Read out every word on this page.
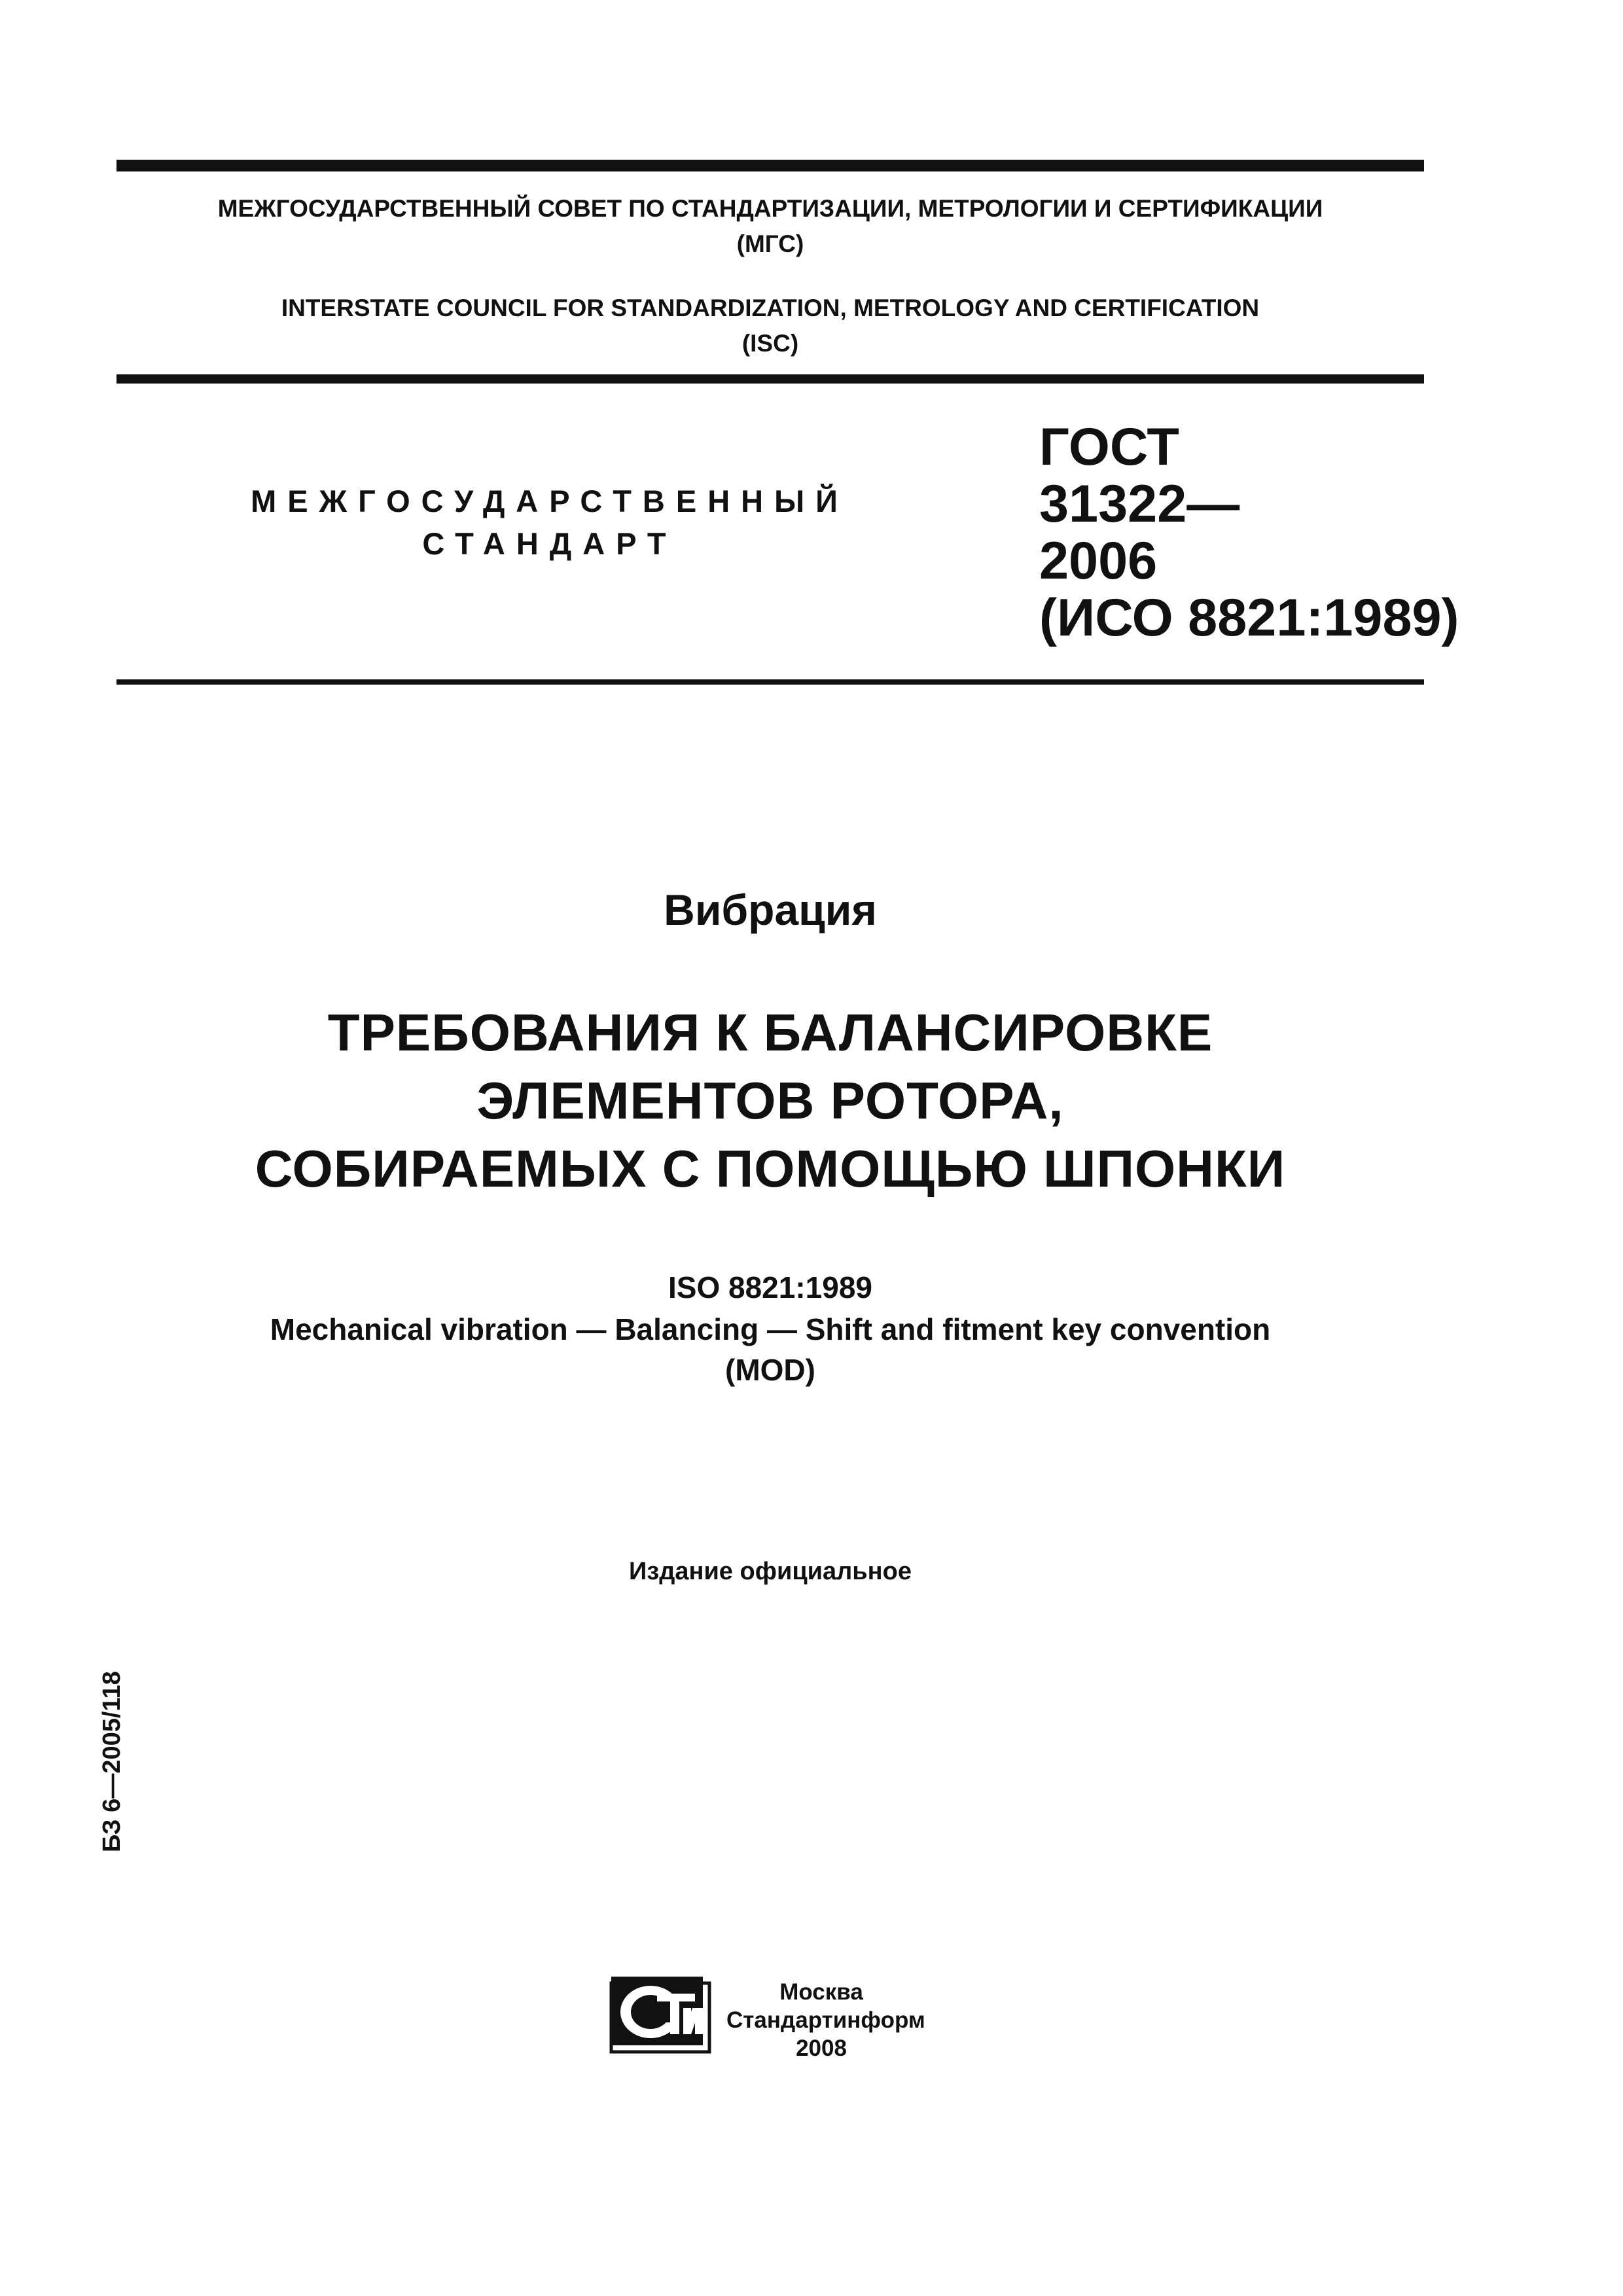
МЕЖГОСУДАРСТВЕННЫЙ СОВЕТ ПО СТАНДАРТИЗАЦИИ, МЕТРОЛОГИИ И СЕРТИФИКАЦИИ
(МГС)
INTERSTATE COUNCIL FOR STANDARDIZATION, METROLOGY AND CERTIFICATION
(ISC)
МЕЖГОСУДАРСТВЕННЫЙ
СТАНДАРТ
ГОСТ
31322—
2006
(ИСО 8821:1989)
Вибрация
ТРЕБОВАНИЯ К БАЛАНСИРОВКЕ
ЭЛЕМЕНТОВ РОТОРА,
СОБИРАЕМЫХ С ПОМОЩЬЮ ШПОНКИ
ISO 8821:1989
Mechanical vibration — Balancing — Shift and fitment key convention
(MOD)
Издание официальное
БЗ 6—2005/118
Москва
Стандартинформ
2008
